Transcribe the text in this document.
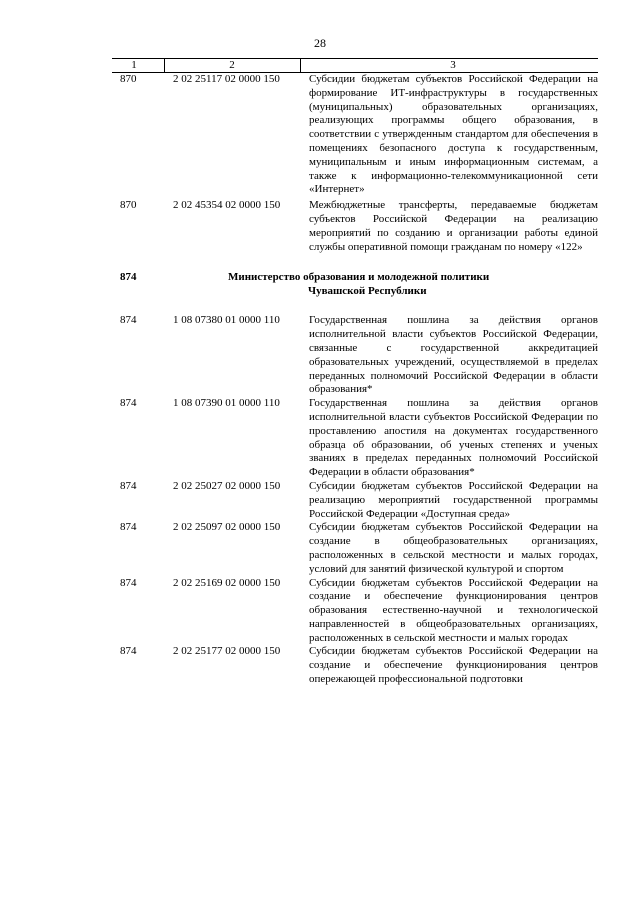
28
1	2	3
870	2 02 25117 02 0000 150	Субсидии бюджетам субъектов Российской Федерации на формирование ИТ-инфраструктуры в государственных (муниципальных) образовательных организациях, реализующих программы общего образования, в соответствии с утвержденным стандартом для обеспечения в помещениях безопасного доступа к государственным, муниципальным и иным информационным системам, а также к информационно-телекоммуникационной сети «Интернет»
870	2 02 45354 02 0000 150	Межбюджетные трансферты, передаваемые бюджетам субъектов Российской Федерации на реализацию мероприятий по созданию и организации работы единой службы оперативной помощи гражданам по номеру «122»
874	Министерство образования и молодежной политики
Чувашской Республики
874	1 08 07380 01 0000 110	Государственная пошлина за действия органов исполнительной власти субъектов Российской Федерации, связанные с государственной аккредитацией образовательных учреждений, осуществляемой в пределах переданных полномочий Российской Федерации в области образования*
874	1 08 07390 01 0000 110	Государственная пошлина за действия органов исполнительной власти субъектов Российской Федерации по проставлению апостиля на документах государственного образца об образовании, об ученых степенях и ученых званиях в пределах переданных полномочий Российской Федерации в области образования*
874	2 02 25027 02 0000 150	Субсидии бюджетам субъектов Российской Федерации на реализацию мероприятий государственной программы Российской Федерации «Доступная среда»
874	2 02 25097 02 0000 150	Субсидии бюджетам субъектов Российской Федерации на создание в общеобразовательных организациях, расположенных в сельской местности и малых городах, условий для занятий физической культурой и спортом
874	2 02 25169 02 0000 150	Субсидии бюджетам субъектов Российской Федерации на создание и обеспечение функционирования центров образования естественно-научной и технологической направленностей в общеобразовательных организациях, расположенных в сельской местности и малых городах
874	2 02 25177 02 0000 150	Субсидии бюджетам субъектов Российской Федерации на создание и обеспечение функционирования центров опережающей профессиональной подготовки
